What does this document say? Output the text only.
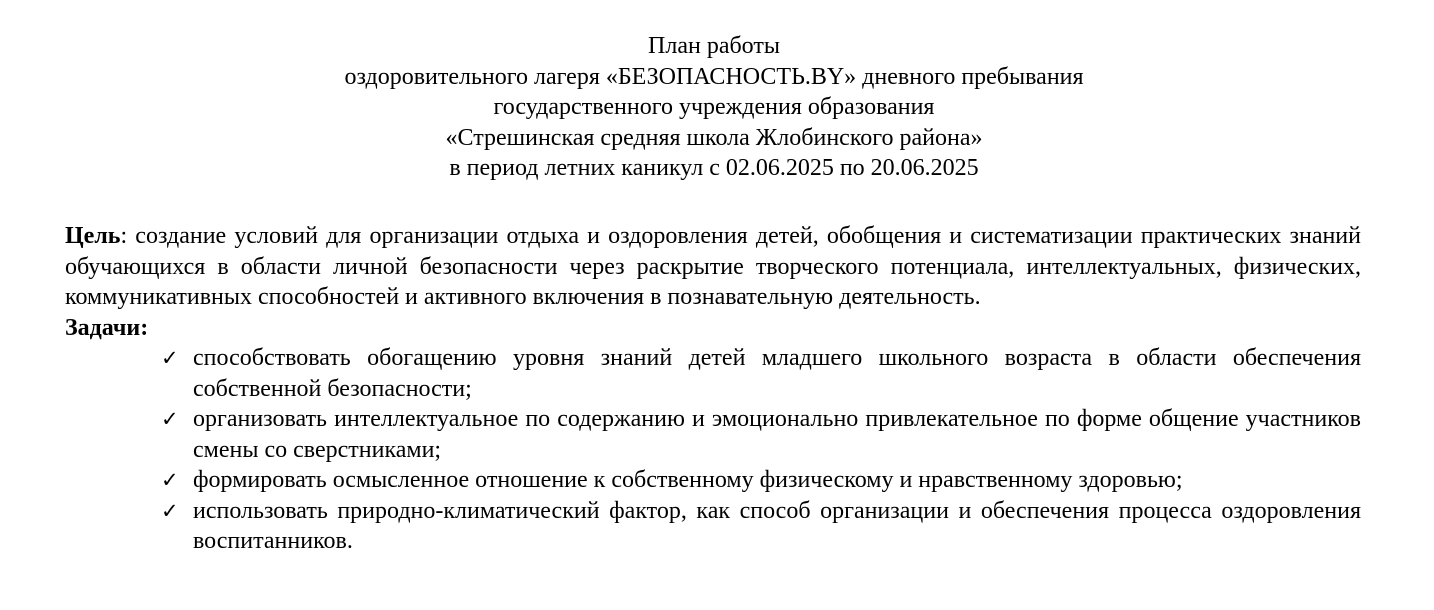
План работы
оздоровительного лагеря «БЕЗОПАСНОСТЬ.BY» дневного пребывания
государственного учреждения образования
«Стрешинская средняя школа Жлобинского района»
в период летних каникул с 02.06.2025 по 20.06.2025

Цель: создание условий для организации отдыха и оздоровления детей, обобщения и систематизации практических знаний обучающихся в области личной безопасности через раскрытие творческого потенциала, интеллектуальных, физических, коммуникативных способностей и активного включения в познавательную деятельность.

Задачи:

✓ способствовать обогащению уровня знаний детей младшего школьного возраста в области обеспечения собственной безопасности;
✓ организовать интеллектуальное по содержанию и эмоционально привлекательное по форме общение участников смены со сверстниками;
✓ формировать осмысленное отношение к собственному физическому и нравственному здоровью;
✓ использовать природно-климатический фактор, как способ организации и обеспечения процесса оздоровления воспитанников.
